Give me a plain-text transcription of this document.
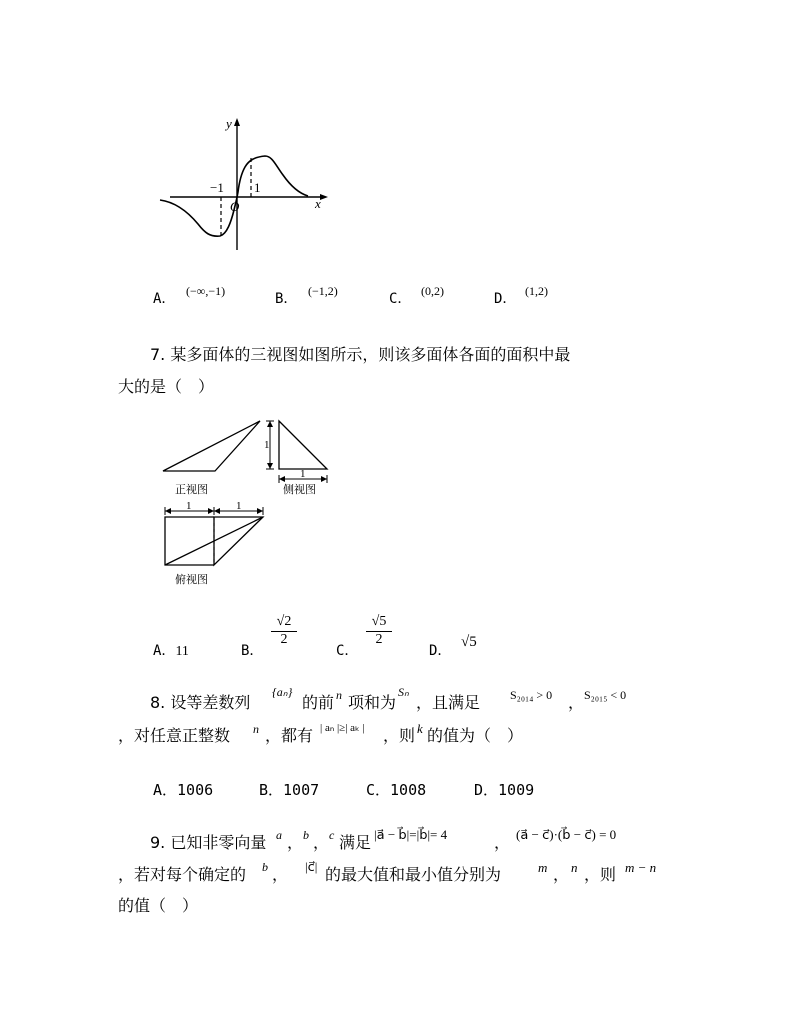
y
x
−1 1
O
A． (−∞,−1)	B． (−1,2)	C． (0,2)	D． (1,2)
7. 某多面体的三视图如图所示，则该多面体各面的面积中最
大的是（　）
正视图
1
1
侧视图
1	1
俯视图
A．11	B．
$\frac{√2}{2}$
C．
$\frac{√5}{2}$
D．
√5
8. 设等差数列
{aₙ}
的前 n 项和为
Sₙ
，且满足 S₂₀₁₄ > 0 ， S₂₀₁₅ < 0
，对任意正整数 n ，都有 | aₙ |≥| aₖ | ，则 k 的值为（　）
A．1006	B．1007	C．1008	D．1009
9. 已知非零向量 a⃗
， b⃗
， c⃗
满足 |a⃗ − b⃗|=|b⃗|= 4	， (a⃗ − c⃗)·(b⃗ − c⃗) = 0
，若对每个确定的 b⃗
， |c⃗| 的最大值和最小值分别为	m ， n ，则 m − n
的值（　）
